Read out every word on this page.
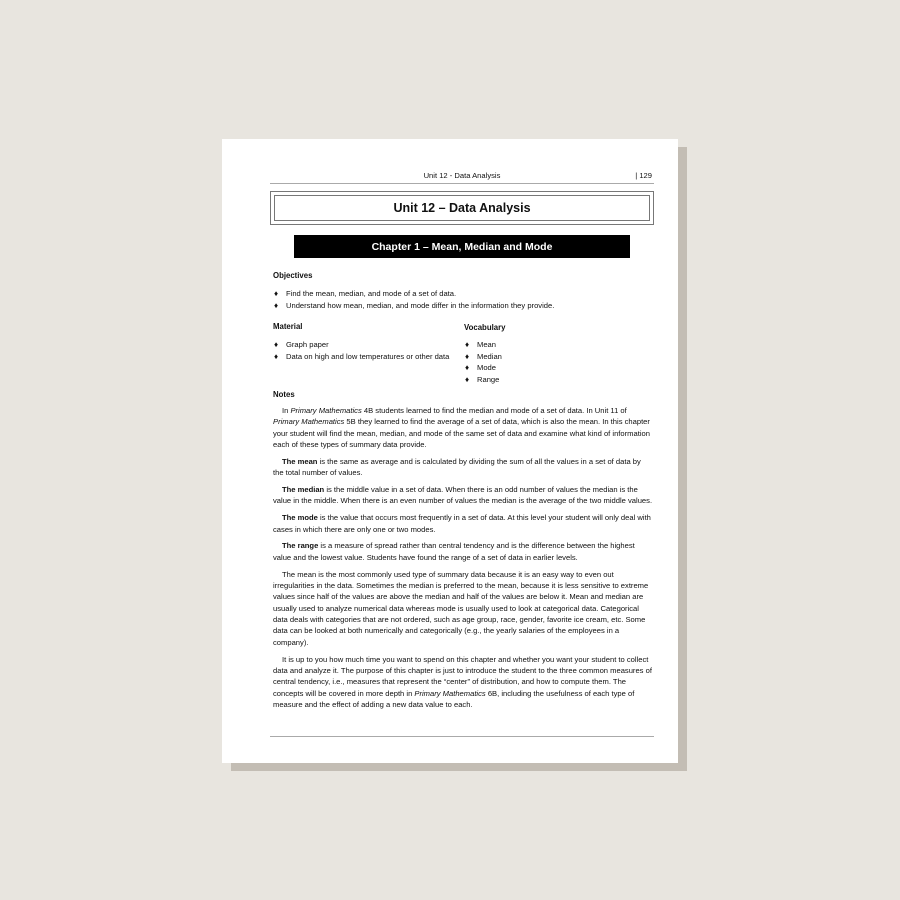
Unit 12 - Data Analysis	| 129
Unit 12 – Data Analysis
Chapter 1 – Mean, Median and Mode
Objectives
♦ Find the mean, median, and mode of a set of data.
♦ Understand how mean, median, and mode differ in the information they provide.
Material
♦ Graph paper
♦ Data on high and low temperatures or other data
Vocabulary
♦ Mean
♦ Median
♦ Mode
♦ Range
Notes

In Primary Mathematics 4B students learned to find the median and mode of a set of data. In Unit 11 of Primary Mathematics 5B they learned to find the average of a set of data, which is also the mean. In this chapter your student will find the mean, median, and mode of the same set of data and examine what kind of information each of these types of summary data provide.

The mean is the same as average and is calculated by dividing the sum of all the values in a set of data by the total number of values.

The median is the middle value in a set of data. When there is an odd number of values the median is the value in the middle. When there is an even number of values the median is the average of the two middle values.

The mode is the value that occurs most frequently in a set of data. At this level your student will only deal with cases in which there are only one or two modes.

The range is a measure of spread rather than central tendency and is the difference between the highest value and the lowest value. Students have found the range of a set of data in earlier levels.

The mean is the most commonly used type of summary data because it is an easy way to even out irregularities in the data. Sometimes the median is preferred to the mean, because it is less sensitive to extreme values since half of the values are above the median and half of the values are below it. Mean and median are usually used to analyze numerical data whereas mode is usually used to look at categorical data. Categorical data deals with categories that are not ordered, such as age group, race, gender, favorite ice cream, etc. Some data can be looked at both numerically and categorically (e.g., the yearly salaries of the employees in a company).

It is up to you how much time you want to spend on this chapter and whether you want your student to collect data and analyze it. The purpose of this chapter is just to introduce the student to the three common measures of central tendency, i.e., measures that represent the “center” of distribution, and how to compute them. The concepts will be covered in more depth in Primary Mathematics 6B, including the usefulness of each type of measure and the effect of adding a new data value to each.
